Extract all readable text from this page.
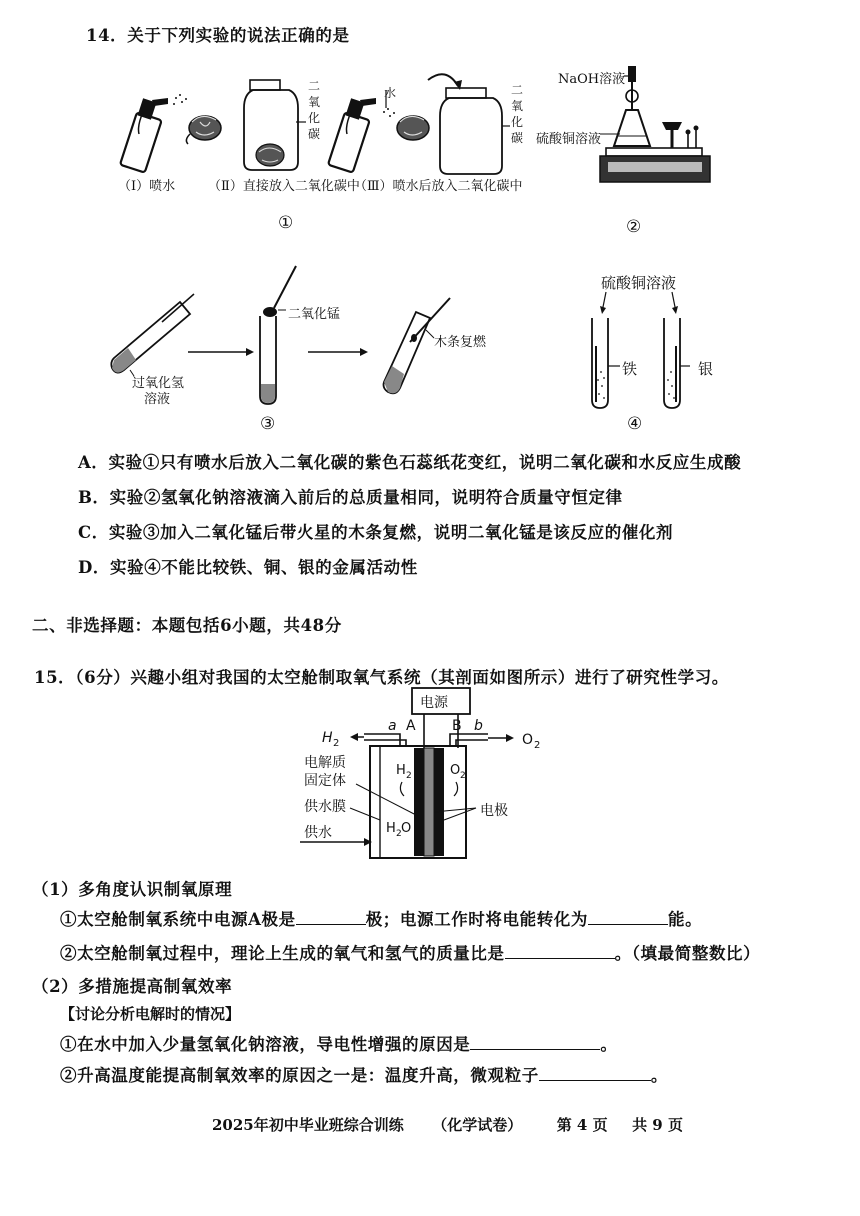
14．关于下列实验的说法正确的是
二
氧
化
碳
二
氧
化
碳
水
（Ⅰ）喷水	（Ⅱ）直接放入二氧化碳中
（Ⅲ）喷水后放入二氧化碳中
①
NaOH溶液
硫酸铜溶液
②
过氧化氢
溶液
二氧化锰
木条复燃
③
硫酸铜溶液
铁	银
④
A．实验①只有喷水后放入二氧化碳的紫色石蕊纸花变红，说明二氧化碳和水反应生成酸
B．实验②氢氧化钠溶液滴入前后的总质量相同，说明符合质量守恒定律
C．实验③加入二氧化锰后带火星的木条复燃，说明二氧化锰是该反应的催化剂
D．实验④不能比较铁、铜、银的金属活动性
二、非选择题：本题包括6小题，共48分
15．（6分）兴趣小组对我国的太空舱制取氧气系统（其剖面如图所示）进行了研究性学习。
电源
H 2	O 2
a A	B b
H 2	O 2
H 2 O
电解质
固定体
供水膜
供水
电极
（1）多角度认识制氧原理
①太空舱制氧系统中电源A极是	极；电源工作时将电能转化为	能。
②太空舱制氧过程中，理论上生成的氧气和氢气的质量比是	。（填最简整数比）
（2）多措施提高制氧效率
【讨论分析电解时的情况】
①在水中加入少量氢氧化钠溶液，导电性增强的原因是	。
②升高温度能提高制氧效率的原因之一是：温度升高，微观粒子	。
2025年初中毕业班综合训练 （化学试卷） 第 4 页 共 9 页
